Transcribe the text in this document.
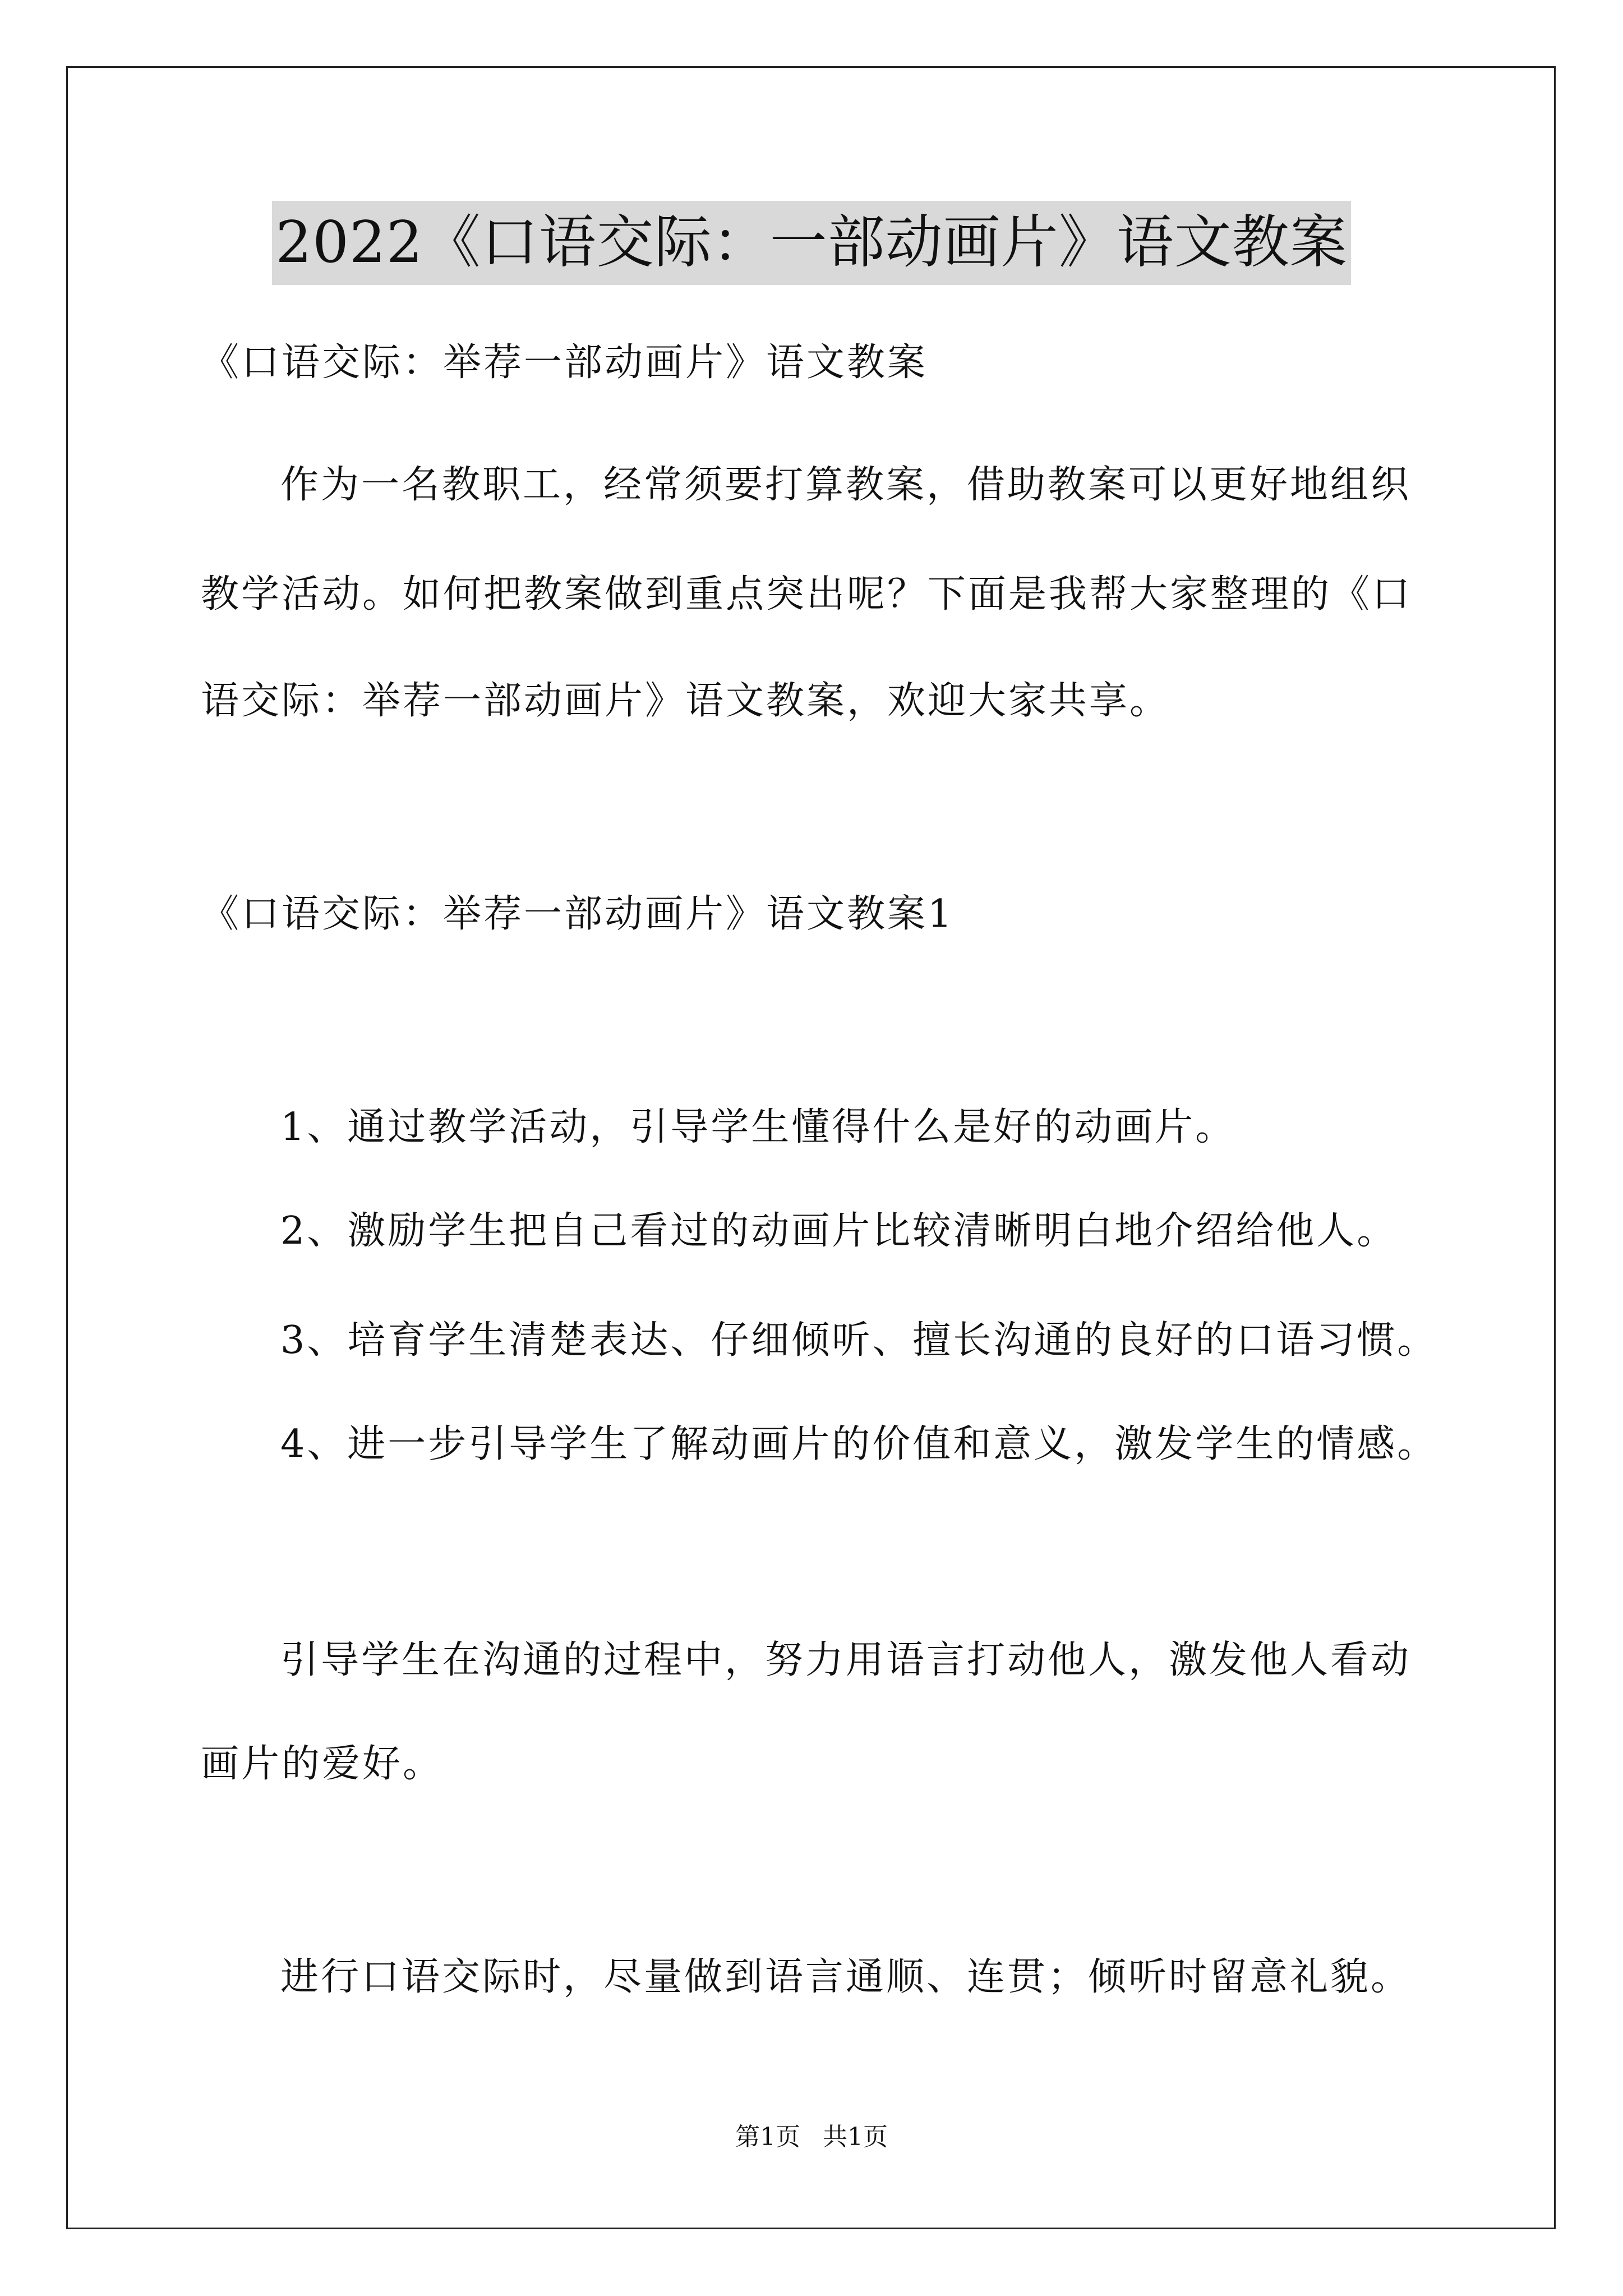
2022《口语交际：一部动画片》语文教案
《口语交际：举荐一部动画片》语文教案
作为一名教职工，经常须要打算教案，借助教案可以更好地组织
教学活动。如何把教案做到重点突出呢？下面是我帮大家整理的《口
语交际：举荐一部动画片》语文教案，欢迎大家共享。
《口语交际：举荐一部动画片》语文教案1
1、通过教学活动，引导学生懂得什么是好的动画片。
2、激励学生把自己看过的动画片比较清晰明白地介绍给他人。
3、培育学生清楚表达、仔细倾听、擅长沟通的良好的口语习惯。
4、进一步引导学生了解动画片的价值和意义，激发学生的情感。
引导学生在沟通的过程中，努力用语言打动他人，激发他人看动
画片的爱好。
进行口语交际时，尽量做到语言通顺、连贯；倾听时留意礼貌。
第1页 共1页
